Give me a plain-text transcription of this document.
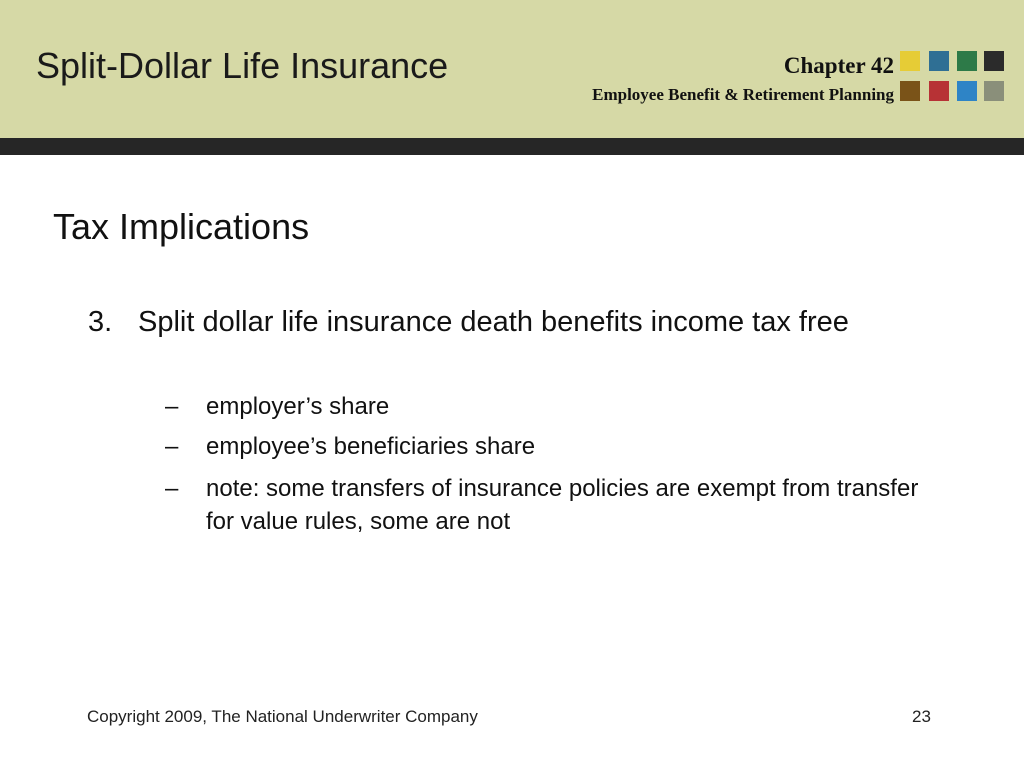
Split-Dollar Life Insurance	Chapter 42
Employee Benefit & Retirement Planning
Tax Implications
3. Split dollar life insurance death benefits income tax free
– employer’s share
– employee’s beneficiaries share
– note: some transfers of insurance policies are exempt from transfer for value rules, some are not
Copyright 2009, The National Underwriter Company	23
